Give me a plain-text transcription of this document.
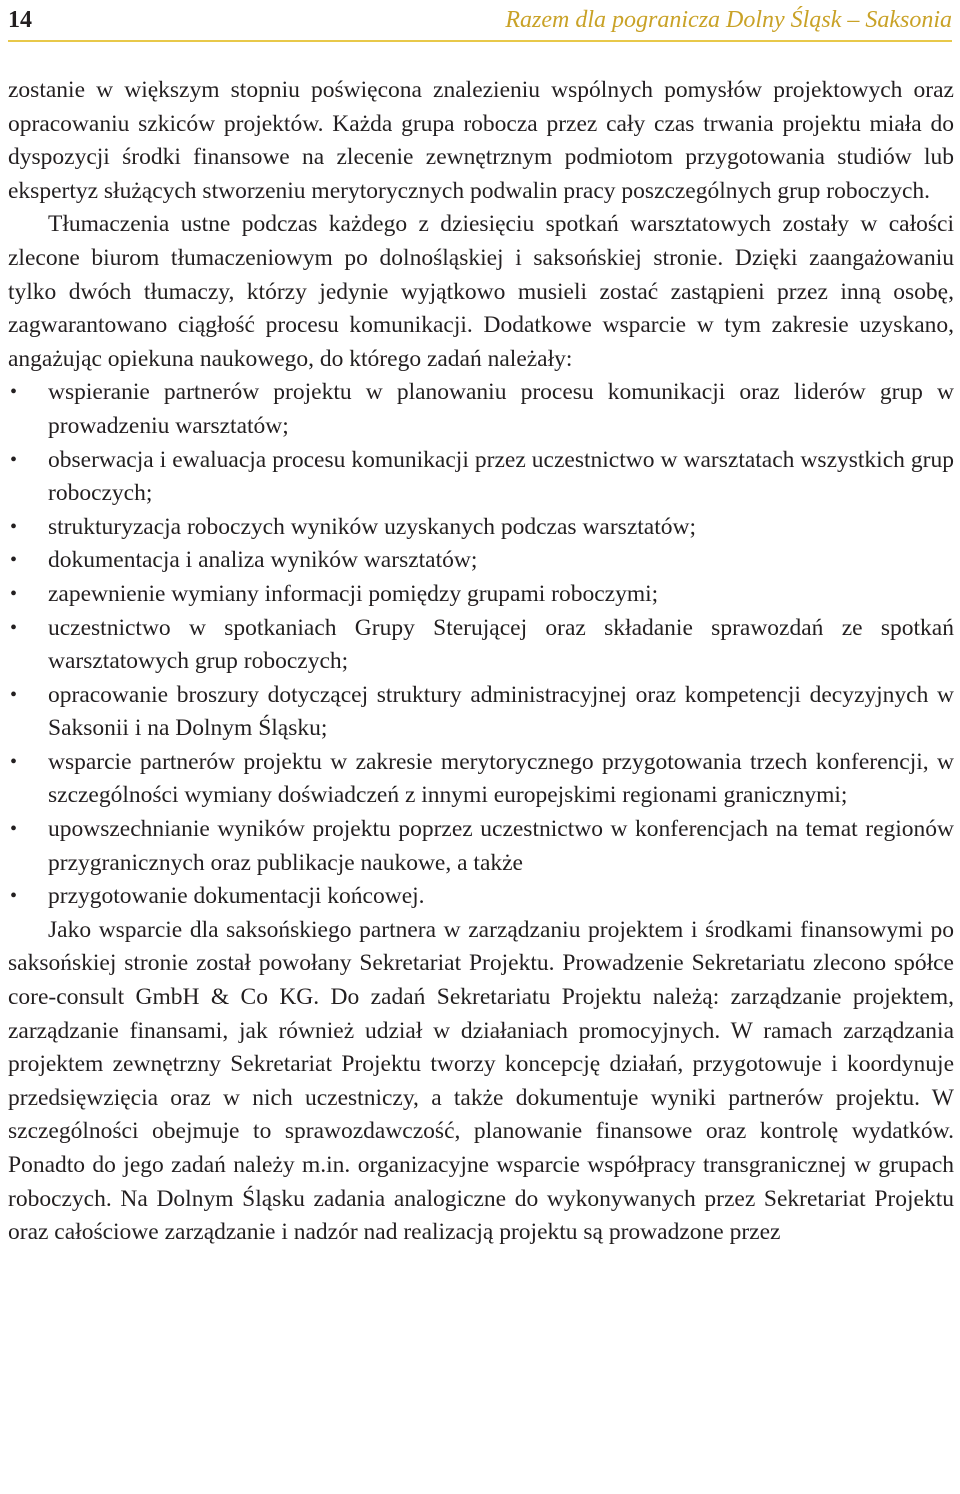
14	Razem dla pogranicza Dolny Śląsk – Saksonia

zostanie w większym stopniu poświęcona znalezieniu wspólnych pomysłów projektowych oraz opracowaniu szkiców projektów. Każda grupa robocza przez cały czas trwania projektu miała do dyspozycji środki finansowe na zlecenie zewnętrznym podmiotom przygotowania studiów lub ekspertyz służących stworzeniu merytorycznych podwalin pracy poszczególnych grup roboczych.

Tłumaczenia ustne podczas każdego z dziesięciu spotkań warsztatowych zostały w całości zlecone biurom tłumaczeniowym po dolnośląskiej i saksońskiej stronie. Dzięki zaangażowaniu tylko dwóch tłumaczy, którzy jedynie wyjątkowo musieli zostać zastąpieni przez inną osobę, zagwarantowano ciągłość procesu komunikacji. Dodatkowe wsparcie w tym zakresie uzyskano, angażując opiekuna naukowego, do którego zadań należały:

• wspieranie partnerów projektu w planowaniu procesu komunikacji oraz liderów grup w prowadzeniu warsztatów;
• obserwacja i ewaluacja procesu komunikacji przez uczestnictwo w warsztatach wszystkich grup roboczych;
• strukturyzacja roboczych wyników uzyskanych podczas warsztatów;
• dokumentacja i analiza wyników warsztatów;
• zapewnienie wymiany informacji pomiędzy grupami roboczymi;
• uczestnictwo w spotkaniach Grupy Sterującej oraz składanie sprawozdań ze spotkań warsztatowych grup roboczych;
• opracowanie broszury dotyczącej struktury administracyjnej oraz kompetencji decyzyjnych w Saksonii i na Dolnym Śląsku;
• wsparcie partnerów projektu w zakresie merytorycznego przygotowania trzech konferencji, w szczególności wymiany doświadczeń z innymi europejskimi regionami granicznymi;
• upowszechnianie wyników projektu poprzez uczestnictwo w konferencjach na temat regionów przygranicznych oraz publikacje naukowe, a także
• przygotowanie dokumentacji końcowej.

Jako wsparcie dla saksońskiego partnera w zarządzaniu projektem i środkami finansowymi po saksońskiej stronie został powołany Sekretariat Projektu. Prowadzenie Sekretariatu zlecono spółce core-consult GmbH & Co KG. Do zadań Sekretariatu Projektu należą: zarządzanie projektem, zarządzanie finansami, jak również udział w działaniach promocyjnych. W ramach zarządzania projektem zewnętrzny Sekretariat Projektu tworzy koncepcję działań, przygotowuje i koordynuje przedsięwzięcia oraz w nich uczestniczy, a także dokumentuje wyniki partnerów projektu. W szczególności obejmuje to sprawozdawczość, planowanie finansowe oraz kontrolę wydatków. Ponadto do jego zadań należy m.in. organizacyjne wsparcie współpracy transgranicznej w grupach roboczych. Na Dolnym Śląsku zadania analogiczne do wykonywanych przez Sekretariat Projektu oraz całościowe zarządzanie i nadzór nad realizacją projektu są prowadzone przez
